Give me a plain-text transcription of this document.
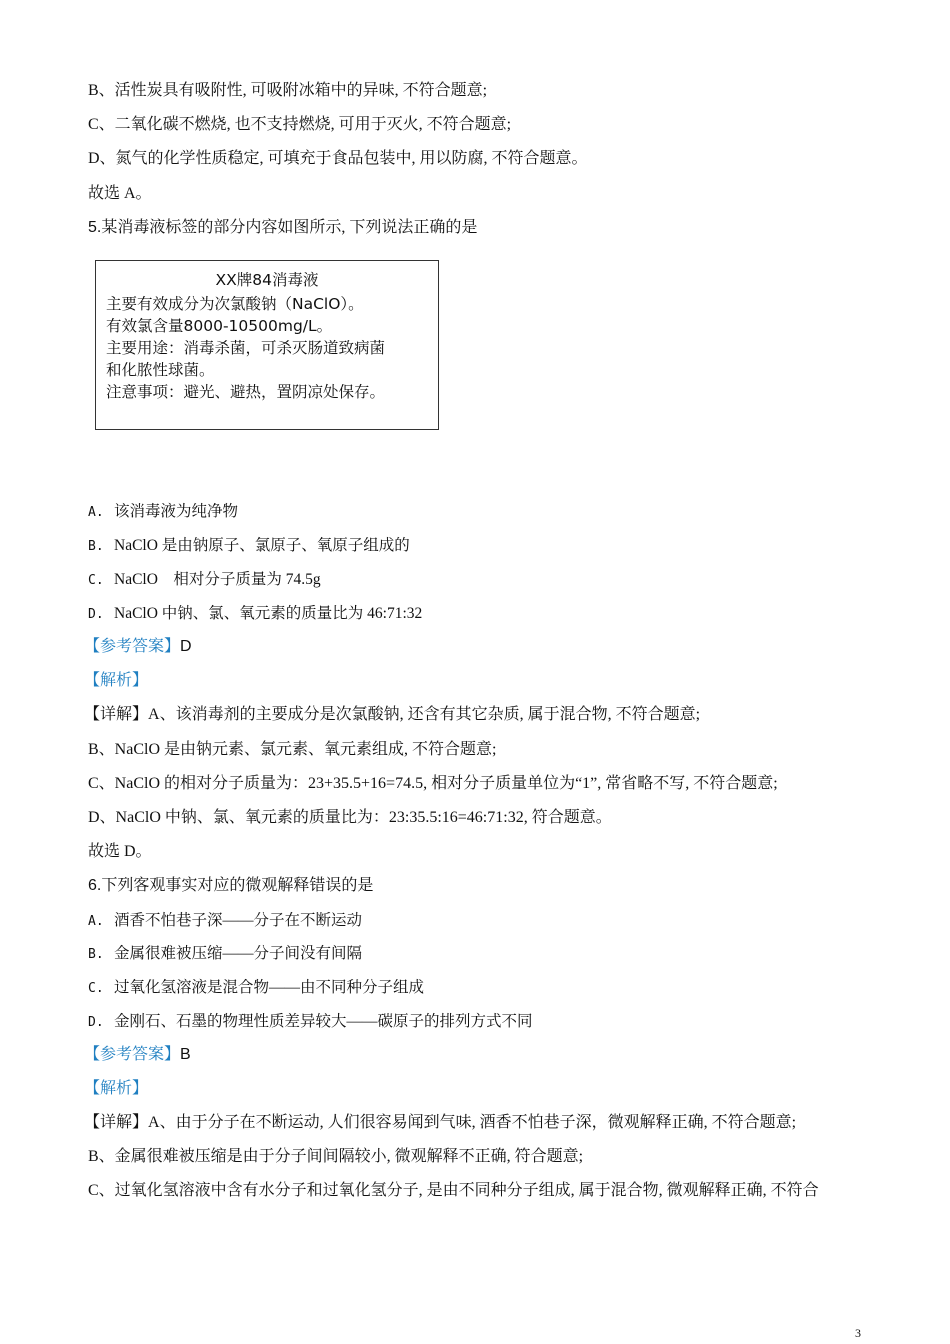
B、活性炭具有吸附性, 可吸附冰箱中的异味, 不符合题意;
C、二氧化碳不燃烧, 也不支持燃烧, 可用于灭火, 不符合题意;
D、氮气的化学性质稳定, 可填充于食品包装中, 用以防腐, 不符合题意。
故选 A。
5.某消毒液标签的部分内容如图所示, 下列说法正确的是
XX牌84消毒液
主要有效成分为次氯酸钠（NaClO）。
有效氯含量8000-10500mg/L。
主要用途：消毒杀菌，可杀灭肠道致病菌
和化脓性球菌。
注意事项：避光、避热，置阴凉处保存。
A. 该消毒液为纯净物
B. NaClO 是由钠原子、氯原子、氧原子组成的
C. NaClO　相对分子质量为 74.5g
D. NaClO 中钠、氯、氧元素的质量比为 46:71:32
【参考答案】D
【解析】
【详解】A、该消毒剂的主要成分是次氯酸钠, 还含有其它杂质, 属于混合物, 不符合题意;
B、NaClO 是由钠元素、氯元素、氧元素组成, 不符合题意;
C、NaClO 的相对分子质量为：23+35.5+16=74.5, 相对分子质量单位为“1”, 常省略不写, 不符合题意;
D、NaClO 中钠、氯、氧元素的质量比为：23:35.5:16=46:71:32, 符合题意。
故选 D。
6.下列客观事实对应的微观解释错误的是
A. 酒香不怕巷子深——分子在不断运动
B. 金属很难被压缩——分子间没有间隔
C. 过氧化氢溶液是混合物——由不同种分子组成
D. 金刚石、石墨的物理性质差异较大——碳原子的排列方式不同
【参考答案】B
【解析】
【详解】A、由于分子在不断运动, 人们很容易闻到气味, 酒香不怕巷子深，微观解释正确, 不符合题意;
B、金属很难被压缩是由于分子间间隔较小, 微观解释不正确, 符合题意;
C、过氧化氢溶液中含有水分子和过氧化氢分子, 是由不同种分子组成, 属于混合物, 微观解释正确, 不符合
3
